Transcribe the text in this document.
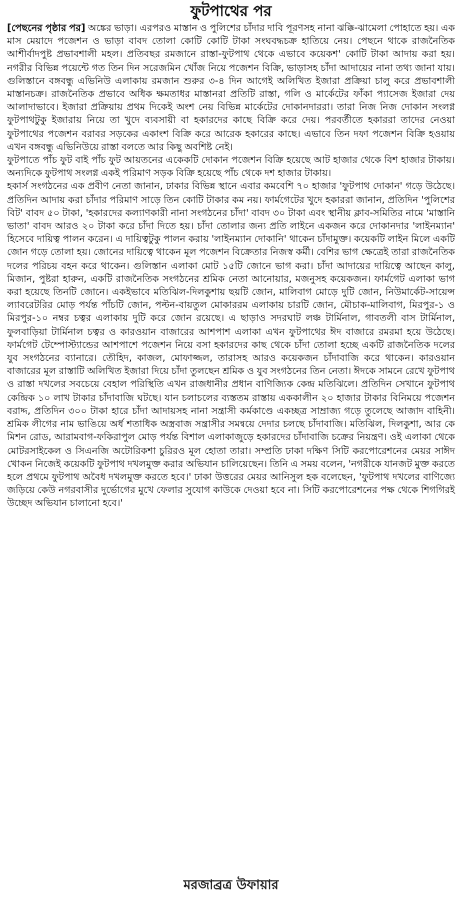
ফুটপাথের পর

[পেছনের পৃষ্ঠার পর] অঙ্কের ভাড়া। এরপরও মাস্তান ও পুলিশের চাঁদার দাবি পূরণসহ নানা ঝক্কি-ঝামেলা পোহাতে হয়। এক মাস মেয়াদে পজেশন ও ভাড়া বাবদ তোলা কোটি কোটি টাকা সংঘবদ্ধচক্র হাতিয়ে নেয়। পেছনে থাকে রাজনৈতিক আশীর্বাদপুষ্ট প্রভাবশালী মহল। প্রতিবছর রমজানে রাস্তা-ফুটপাথ থেকে এভাবে কয়েকশ' কোটি টাকা আদায় করা হয়। নগরীর বিভিন্ন পয়েন্টে গত তিন দিন সরেজমিন খোঁজ নিয়ে পজেশন বিক্রি, ভাড়াসহ চাঁদা আদায়ের নানা তথ্য জানা যায়। গুলিস্তানে বঙ্গবন্ধু এভিনিউ এলাকায় রমজান শুরুর ৩-৪ দিন আগেই অলিখিত ইজারা প্রক্রিয়া চালু করে প্রভাবশালী মাস্তানচক্র। রাজনৈতিক প্রভাবে অধিক ক্ষমতাধর মাস্তানরা প্রতিটি রাস্তা, গলি ও মার্কেটের ফাঁকা প্যাসেজ ইজারা দেয় আলাদাভাবে। ইজারা প্রক্রিয়ায় প্রথম দিকেই অংশ নেয় বিভিন্ন মার্কেটের দোকানদাররা। তারা নিজ নিজ দোকান সংলগ্ন ফুটপাথটুকু ইজারায় নিয়ে তা খুদে ব্যবসায়ী বা হকারদের কাছে বিক্রি করে দেয়। পরবর্তীতে হকাররা তাদের নেওয়া ফুটপাথের পজেশন বরাবর সড়কের একাংশ বিক্রি করে আরেক হকারের কাছে। এভাবে তিন দফা পজেশন বিক্রি হওয়ায় এখন বঙ্গবন্ধু এভিনিউয়ে রাস্তা বলতে আর কিছু অবশিষ্ট নেই।

ফুটপাতে পাঁচ ফুট বাই পাঁচ ফুট আয়তনের একেকটি দোকান পজেশন বিক্রি হয়েছে আট হাজার থেকে বিশ হাজার টাকায়। অন্যদিকে ফুটপাথ সংলগ্ন একই পরিমাণ সড়ক বিক্রি হয়েছে পাঁচ থেকে দশ হাজার টাকায়।

হকার্স সংগঠনের এক প্রবীণ নেতা জানান, ঢাকার বিভিন্ন স্থানে এবার কমবেশি ৭০ হাজার 'ফুটপাথ দোকান' গড়ে উঠেছে। প্রতিদিন আদায় করা চাঁদার পরিমাণ সাড়ে তিন কোটি টাকার কম নয়। ফার্মগেটের খুদে হকাররা জানান, প্রতিদিন 'পুলিশের বিট' বাবদ ৫০ টাকা, 'হকারদের কল্যাণকারী নানা সংগঠনের চাঁদা' বাবদ ৩০ টাকা এবং স্থানীয় ক্লাব-সমিতির নামে 'মাস্তানি ভাতা' বাবদ আরও ২০ টাকা করে চাঁদা দিতে হয়। চাঁদা তোলার জন্য প্রতি লাইনে একজন করে দোকানদার 'লাইনম্যান' হিসেবে দায়িত্ব পালন করেন। এ দায়িত্বটুকু পালন করায় 'লাইনম্যান দোকানি' থাকেন চাঁদামুক্ত। কয়েকটি লাইন মিলে একটি জোন গড়ে তোলা হয়। জোনের দায়িত্বে থাকেন মূল পজেশন বিক্রেতার নিজস্ব কর্মী। বেশির ভাগ ক্ষেত্রেই তারা রাজনৈতিক দলের পরিচয় বহন করে থাকেন। গুলিস্তান এলাকা মোট ১৫টি জোনে ভাগ করা। চাঁদা আদায়ের দায়িত্বে আছেন কালু, মিজান, পুষ্টরা হারুন, একটি রাজনৈতিক সংগঠনের শ্রমিক নেতা আনোয়ার, মজনুসহ কয়েকজন। ফার্মগেট এলাকা ভাগ করা হয়েছে তিনটি জোনে। একইভাবে মতিঝিল-দিলকুশায় ছয়টি জোন, মালিবাগ মোড়ে দুটি জোন, নিউমার্কেট-সায়েন্স ল্যাবরেটরির মোড় পর্যন্ত পাঁচটি জোন, পল্টন-বায়তুল মোকাররম এলাকায় চারটি জোন, মৌচাক-মালিবাগ, মিরপুর-১ ও মিরপুর-১০ নম্বর চত্বর এলাকায় দুটি করে জোন রয়েছে। এ ছাড়াও সদরঘাট লঞ্চ টার্মিনাল, গাবতলী বাস টার্মিনাল, ফুলবাড়িয়া টার্মিনাল চত্বর ও কারওয়ান বাজারের আশপাশ এলাকা এখন ফুটপাথের ঈদ বাজারে রমরমা হয়ে উঠেছে। ফার্মগেট টেম্পোস্ট্যান্ডের আশপাশে পজেশন নিয়ে বসা হকারদের কাছ থেকে চাঁদা তোলা হচ্ছে একটি রাজনৈতিক দলের যুব সংগঠনের ব্যানারে। তৌহিদ, কাজল, মোফাজ্জল, তারাসহ আরও কয়েকজন চাঁদাবাজি করে থাকেন। কারওয়ান বাজারের মূল রাস্তাটি অলিখিত ইজারা দিয়ে চাঁদা তুলছেন শ্রমিক ও যুব সংগঠনের তিন নেতা। ঈদকে সামনে রেখে ফুটপাথ ও রাস্তা দখলের সবচেয়ে বেহাল পরিস্থিতি এখন রাজধানীর প্রধান বাণিজ্যিক কেন্দ্র মতিঝিলে। প্রতিদিন সেখানে ফুটপাথ কেন্দ্রিক ১০ লাখ টাকার চাঁদাবাজি ঘটছে। যান চলাচলের ব্যস্ততম রাস্তায় এককালীন ২০ হাজার টাকার বিনিময়ে পজেশন বরাদ্দ, প্রতিদিন ৩০০ টাকা হারে চাঁদা আদায়সহ নানা সন্ত্রাসী কর্মকাণ্ডে একচ্ছত্র সাম্রাজ্য গড়ে তুলেছে আজাদ বাহিনী। শ্রমিক লীগের নাম ভাঙিয়ে অর্ধ শতাধিক অস্ত্রবাজ সন্ত্রাসীর সমন্বয়ে দেদার চলছে চাঁদাবাজি। মতিঝিল, দিলকুশা, আর কে মিশন রোড, আরামবাগ-ফকিরাপুল মোড় পর্যন্ত বিশাল এলাকাজুড়ে হকারদের চাঁদাবাজি চক্রের নিয়ন্ত্রণ। ওই এলাকা থেকে মোটরসাইকেল ও সিএনজি অটোরিকশা চুরিরও মূল হোতা তারা। সম্প্রতি ঢাকা দক্ষিণ সিটি করপোরেশনের মেয়র সাঈদ খোকন নিজেই কয়েকটি ফুটপাথ দখলমুক্ত করার অভিযান চালিয়েছেন। তিনি এ সময় বলেন, 'নগরীকে যানজট মুক্ত করতে হলে প্রথমে ফুটপাথ অবৈধ দখলমুক্ত করতে হবে।' ঢাকা উত্তরের মেয়র আনিসুল হক বলেছেন, 'ফুটপাথ দখলের বাণিজ্যে জড়িয়ে কেউ নগরবাসীর দুর্ভোগের মুখে ফেলার সুযোগ কাউকে দেওয়া হবে না। সিটি করপোরেশনের পক্ষ থেকে শিগগিরই উচ্ছেদ অভিযান চালানো হবে।'

মরজাব্রত্র উফায়ার
